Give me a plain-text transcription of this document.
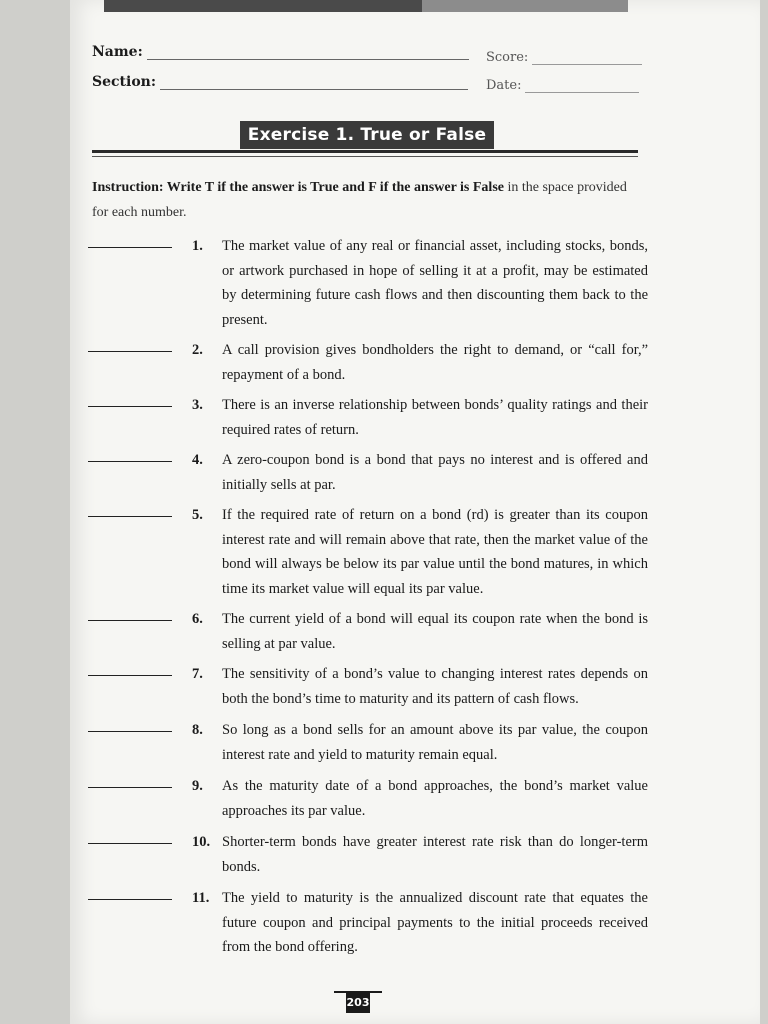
Name:
Section:
Score:
Date:
Exercise 1. True or False
Instruction: Write T if the answer is True and F if the answer is False in the space provided for each number.
1.	The market value of any real or financial asset, including stocks, bonds, or artwork purchased in hope of selling it at a profit, may be estimated by determining future cash flows and then discounting them back to the present.
2.	A call provision gives bondholders the right to demand, or “call for,” repayment of a bond.
3.	There is an inverse relationship between bonds’ quality ratings and their required rates of return.
4.	A zero-coupon bond is a bond that pays no interest and is offered and initially sells at par.
5.	If the required rate of return on a bond (rd) is greater than its coupon interest rate and will remain above that rate, then the market value of the bond will always be below its par value until the bond matures, in which time its market value will equal its par value.
6.	The current yield of a bond will equal its coupon rate when the bond is selling at par value.
7.	The sensitivity of a bond’s value to changing interest rates depends on both the bond’s time to maturity and its pattern of cash flows.
8.	So long as a bond sells for an amount above its par value, the coupon interest rate and yield to maturity remain equal.
9.	As the maturity date of a bond approaches, the bond’s market value approaches its par value.
10. Shorter-term bonds have greater interest rate risk than do longer-term bonds.
11. The yield to maturity is the annualized discount rate that equates the future coupon and principal payments to the initial proceeds received from the bond offering.
203
